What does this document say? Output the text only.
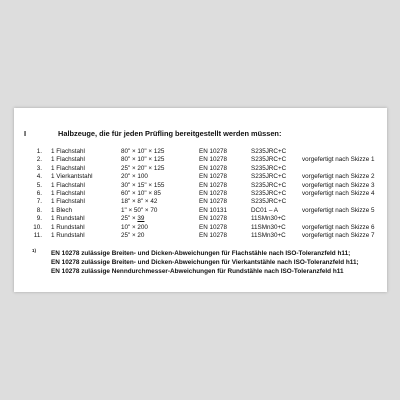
I	Halbzeuge, die für jeden Prüfling bereitgestellt werden müssen:
1. 1 Flachstahl	80" × 10" × 125	EN 10278	S235JRC+C
2. 1 Flachstahl	80" × 10" × 125	EN 10278	S235JRC+C	vorgefertigt nach Skizze 1
3. 1 Flachstahl	25" × 20" × 125	EN 10278	S235JRC+C
4. 1 Vierkantstahl	20" × 100	EN 10278	S235JRC+C	vorgefertigt nach Skizze 2
5. 1 Flachstahl	30" × 15" × 155	EN 10278	S235JRC+C	vorgefertigt nach Skizze 3
6. 1 Flachstahl	60" × 10" × 85	EN 10278	S235JRC+C	vorgefertigt nach Skizze 4
7. 1 Flachstahl	18" × 8" × 42	EN 10278	S235JRC+C
8. 1 Blech	1" × 50" × 70	EN 10131	DC01 – A	vorgefertigt nach Skizze 5
9. 1 Rundstahl	25" × 39	EN 10278	11SMn30+C
10. 1 Rundstahl	10" × 200	EN 10278	11SMn30+C	vorgefertigt nach Skizze 6
11. 1 Rundstahl	25" × 20	EN 10278	11SMn30+C	vorgefertigt nach Skizze 7
1) EN 10278 zulässige Breiten- und Dicken-Abweichungen für Flachstähle nach ISO-Toleranzfeld h11;
EN 10278 zulässige Breiten- und Dicken-Abweichungen für Vierkantstähle nach ISO-Toleranzfeld h11;
EN 10278 zulässige Nenndurchmesser-Abweichungen für Rundstähle nach ISO-Toleranzfeld h11
